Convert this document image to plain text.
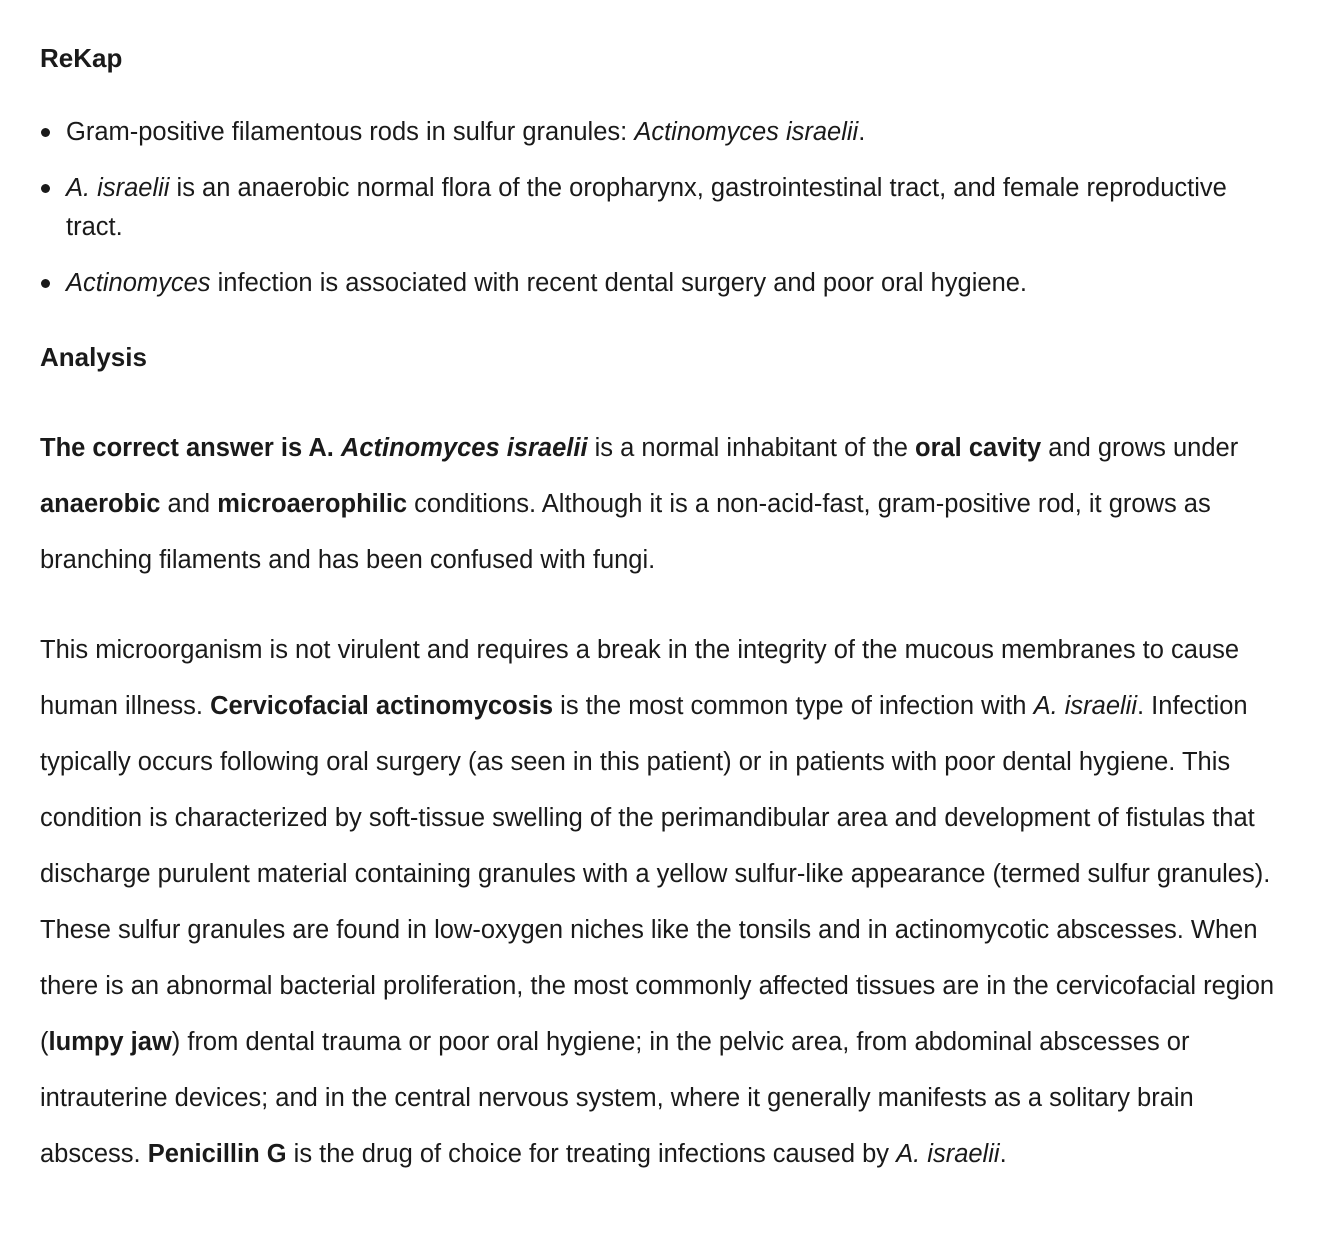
ReKap
Gram-positive filamentous rods in sulfur granules: Actinomyces israelii.
A. israelii is an anaerobic normal flora of the oropharynx, gastrointestinal tract, and female reproductive tract.
Actinomyces infection is associated with recent dental surgery and poor oral hygiene.
Analysis

The correct answer is A. Actinomyces israelii is a normal inhabitant of the oral cavity and grows under anaerobic and microaerophilic conditions. Although it is a non-acid-fast, gram-positive rod, it grows as branching filaments and has been confused with fungi.

This microorganism is not virulent and requires a break in the integrity of the mucous membranes to cause human illness. Cervicofacial actinomycosis is the most common type of infection with A. israelii. Infection typically occurs following oral surgery (as seen in this patient) or in patients with poor dental hygiene. This condition is characterized by soft-tissue swelling of the perimandibular area and development of fistulas that discharge purulent material containing granules with a yellow sulfur-like appearance (termed sulfur granules). These sulfur granules are found in low-oxygen niches like the tonsils and in actinomycotic abscesses. When there is an abnormal bacterial proliferation, the most commonly affected tissues are in the cervicofacial region (lumpy jaw) from dental trauma or poor oral hygiene; in the pelvic area, from abdominal abscesses or intrauterine devices; and in the central nervous system, where it generally manifests as a solitary brain abscess. Penicillin G is the drug of choice for treating infections caused by A. israelii.
